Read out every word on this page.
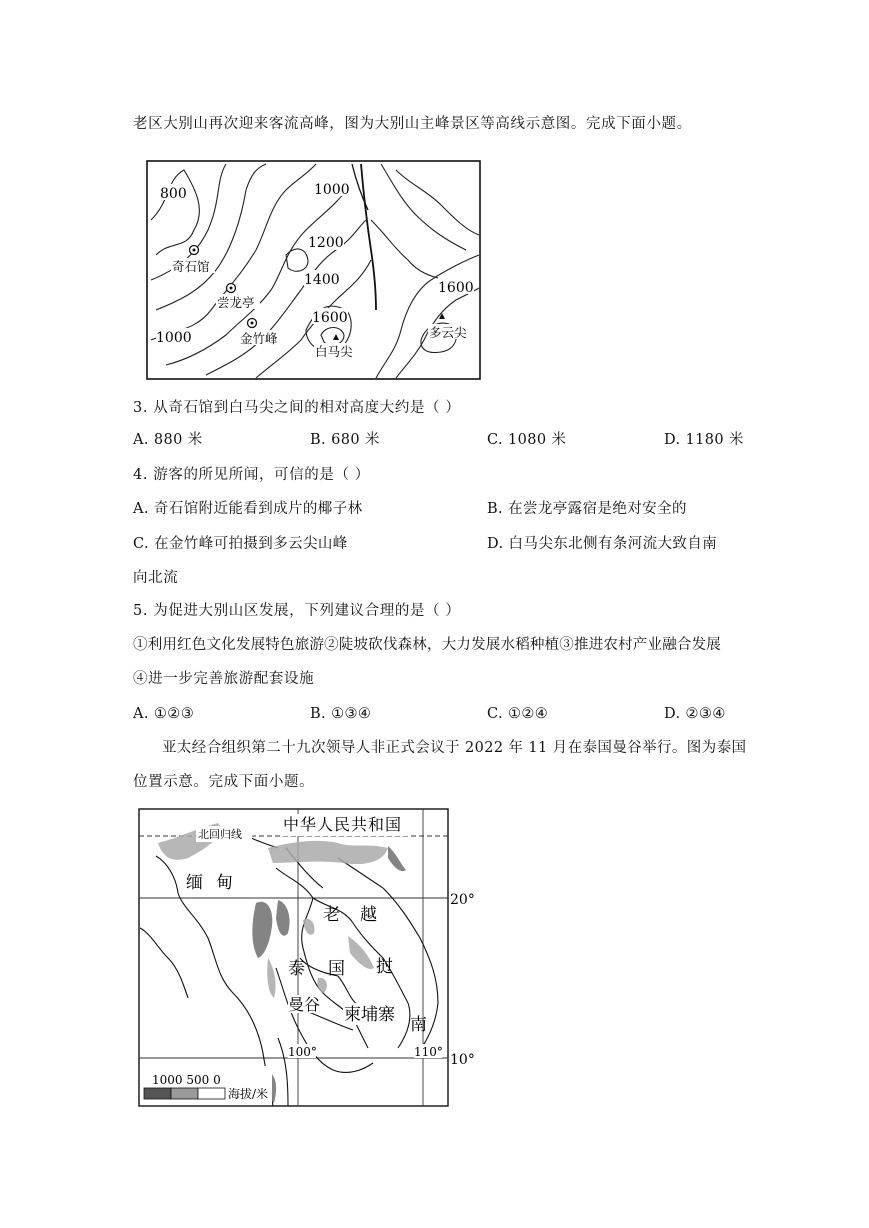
老区大别山再次迎来客流高峰，图为大别山主峰景区等高线示意图。完成下面小题。
800	1000
1200
1400
1600
1600
1000
奇石馆
尝龙亭
金竹峰
白马尖
多云尖
3. 从奇石馆到白马尖之间的相对高度大约是（ ）
A. 880 米	B. 680 米	C. 1080 米	D. 1180 米
4. 游客的所见所闻，可信的是（ ）
A. 奇石馆附近能看到成片的椰子林	B. 在尝龙亭露宿是绝对安全的
C. 在金竹峰可拍摄到多云尖山峰	D. 白马尖东北侧有条河流大致自南
向北流
5. 为促进大别山区发展，下列建议合理的是（ ）
①利用红色文化发展特色旅游②陡坡砍伐森林，大力发展水稻种植③推进农村产业融合发展
④进一步完善旅游配套设施
A. ①②③	B. ①③④	C. ①②④	D. ②③④
亚太经合组织第二十九次领导人非正式会议于 2022 年 11 月在泰国曼谷举行。图为泰国
位置示意。完成下面小题。
北回归线
中华人民共和国
缅 甸
老 越
挝
南
泰 国
曼谷
柬埔寨
20°
10°
100°	110°
1000 500 0
海拔/米
